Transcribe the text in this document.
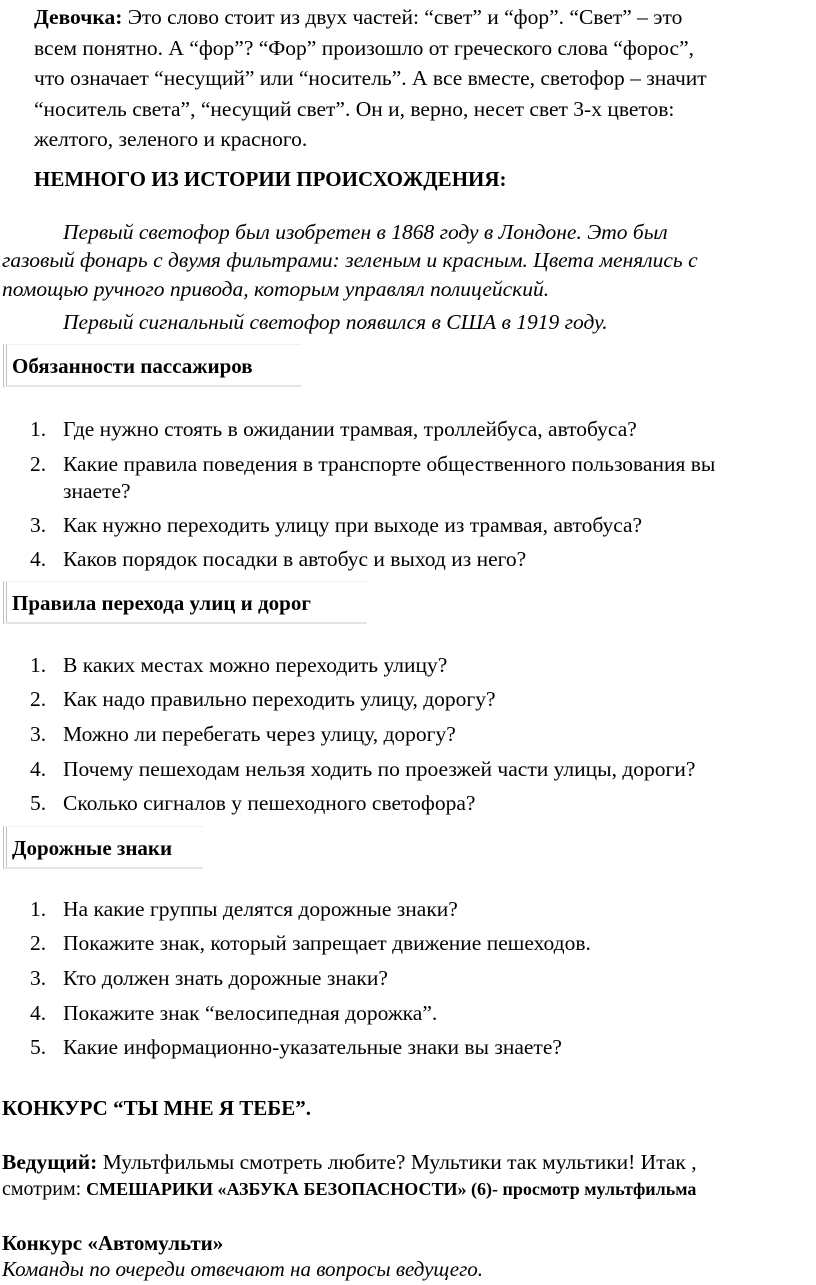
Девочка: Это слово стоит из двух частей: “свет” и “фор”. “Свет” – это
всем понятно. А “фор”? “Фор” произошло от греческого слова “форос”,
что означает “несущий” или “носитель”. А все вместе, светофор – значит
“носитель света”, “несущий свет”. Он и, верно, несет свет 3-х цветов:
желтого, зеленого и красного.
НЕМНОГО ИЗ ИСТОРИИ ПРОИСХОЖДЕНИЯ:
Первый светофор был изобретен в 1868 году в Лондоне. Это был
газовый фонарь с двумя фильтрами: зеленым и красным. Цвета менялись с
помощью ручного привода, которым управлял полицейский.
Первый сигнальный светофор появился в США в 1919 году.
Обязанности пассажиров
1. Где нужно стоять в ожидании трамвая, троллейбуса, автобуса?
2. Какие правила поведения в транспорте общественного пользования вы
знаете?
3. Как нужно переходить улицу при выходе из трамвая, автобуса?
4. Каков порядок посадки в автобус и выход из него?
Правила перехода улиц и дорог
1. В каких местах можно переходить улицу?
2. Как надо правильно переходить улицу, дорогу?
3. Можно ли перебегать через улицу, дорогу?
4. Почему пешеходам нельзя ходить по проезжей части улицы, дороги?
5. Сколько сигналов у пешеходного светофора?
Дорожные знаки
1. На какие группы делятся дорожные знаки?
2. Покажите знак, который запрещает движение пешеходов.
3. Кто должен знать дорожные знаки?
4. Покажите знак “велосипедная дорожка”.
5. Какие информационно-указательные знаки вы знаете?
КОНКУРС “ТЫ МНЕ Я ТЕБЕ”.
Ведущий: Мультфильмы смотреть любите? Мультики так мультики! Итак ,
смотрим: СМЕШАРИКИ «АЗБУКА БЕЗОПАСНОСТИ» (6)- просмотр мультфильма
Конкурс «Автомульти»
Команды по очереди отвечают на вопросы ведущего.
